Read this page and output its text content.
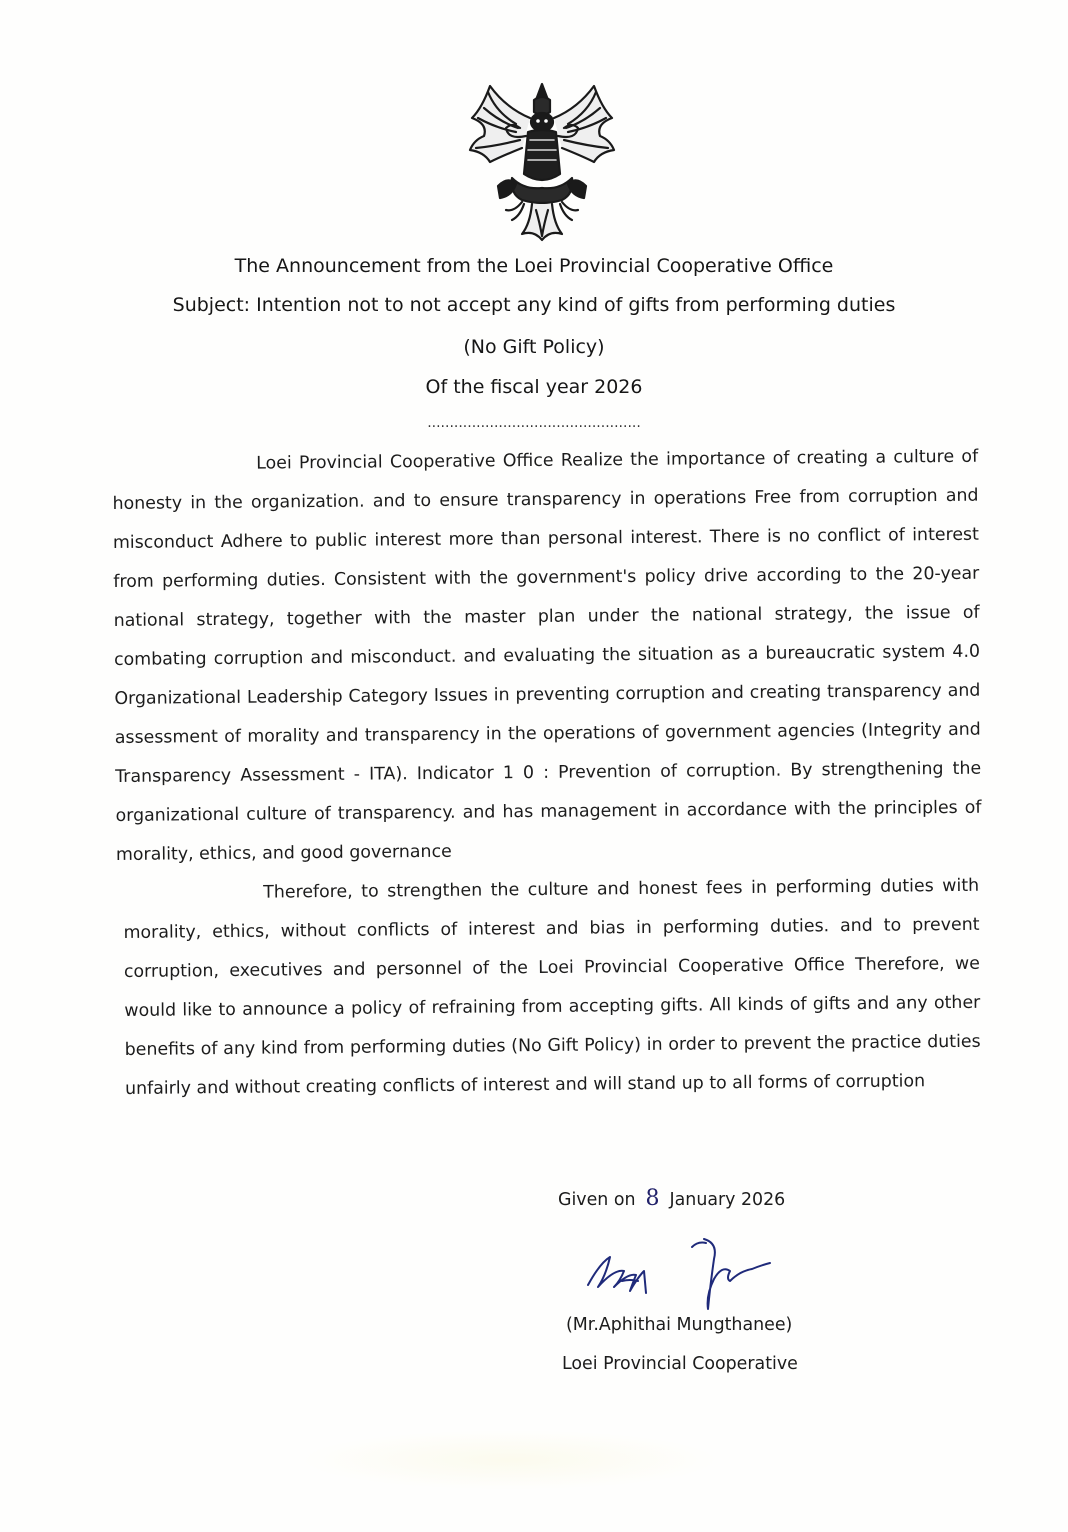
The Announcement from the Loei Provincial Cooperative Office
Subject: Intention not to not accept any kind of gifts from performing duties
(No Gift Policy)
Of the fiscal year 2026
................................................
Loei Provincial Cooperative Office Realize the importance of creating a culture of honesty in the organization. and to ensure transparency in operations Free from corruption and misconduct Adhere to public interest more than personal interest. There is no conflict of interest from performing duties. Consistent with the government's policy drive according to the 20-year national strategy, together with the master plan under the national strategy, the issue of combating corruption and misconduct. and evaluating the situation as a bureaucratic system 4.0 Organizational Leadership Category Issues in preventing corruption and creating transparency and assessment of morality and transparency in the operations of government agencies (Integrity and Transparency Assessment - ITA). Indicator 1 0 : Prevention of corruption. By strengthening the organizational culture of transparency. and has management in accordance with the principles of morality, ethics, and good governance
Therefore, to strengthen the culture and honest fees in performing duties with morality, ethics, without conflicts of interest and bias in performing duties. and to prevent corruption, executives and personnel of the Loei Provincial Cooperative Office Therefore, we would like to announce a policy of refraining from accepting gifts. All kinds of gifts and any other benefits of any kind from performing duties (No Gift Policy) in order to prevent the practice duties unfairly and without creating conflicts of interest and will stand up to all forms of corruption
Given on 8 January 2026
(Mr.Aphithai Mungthanee)
Loei Provincial Cooperative
